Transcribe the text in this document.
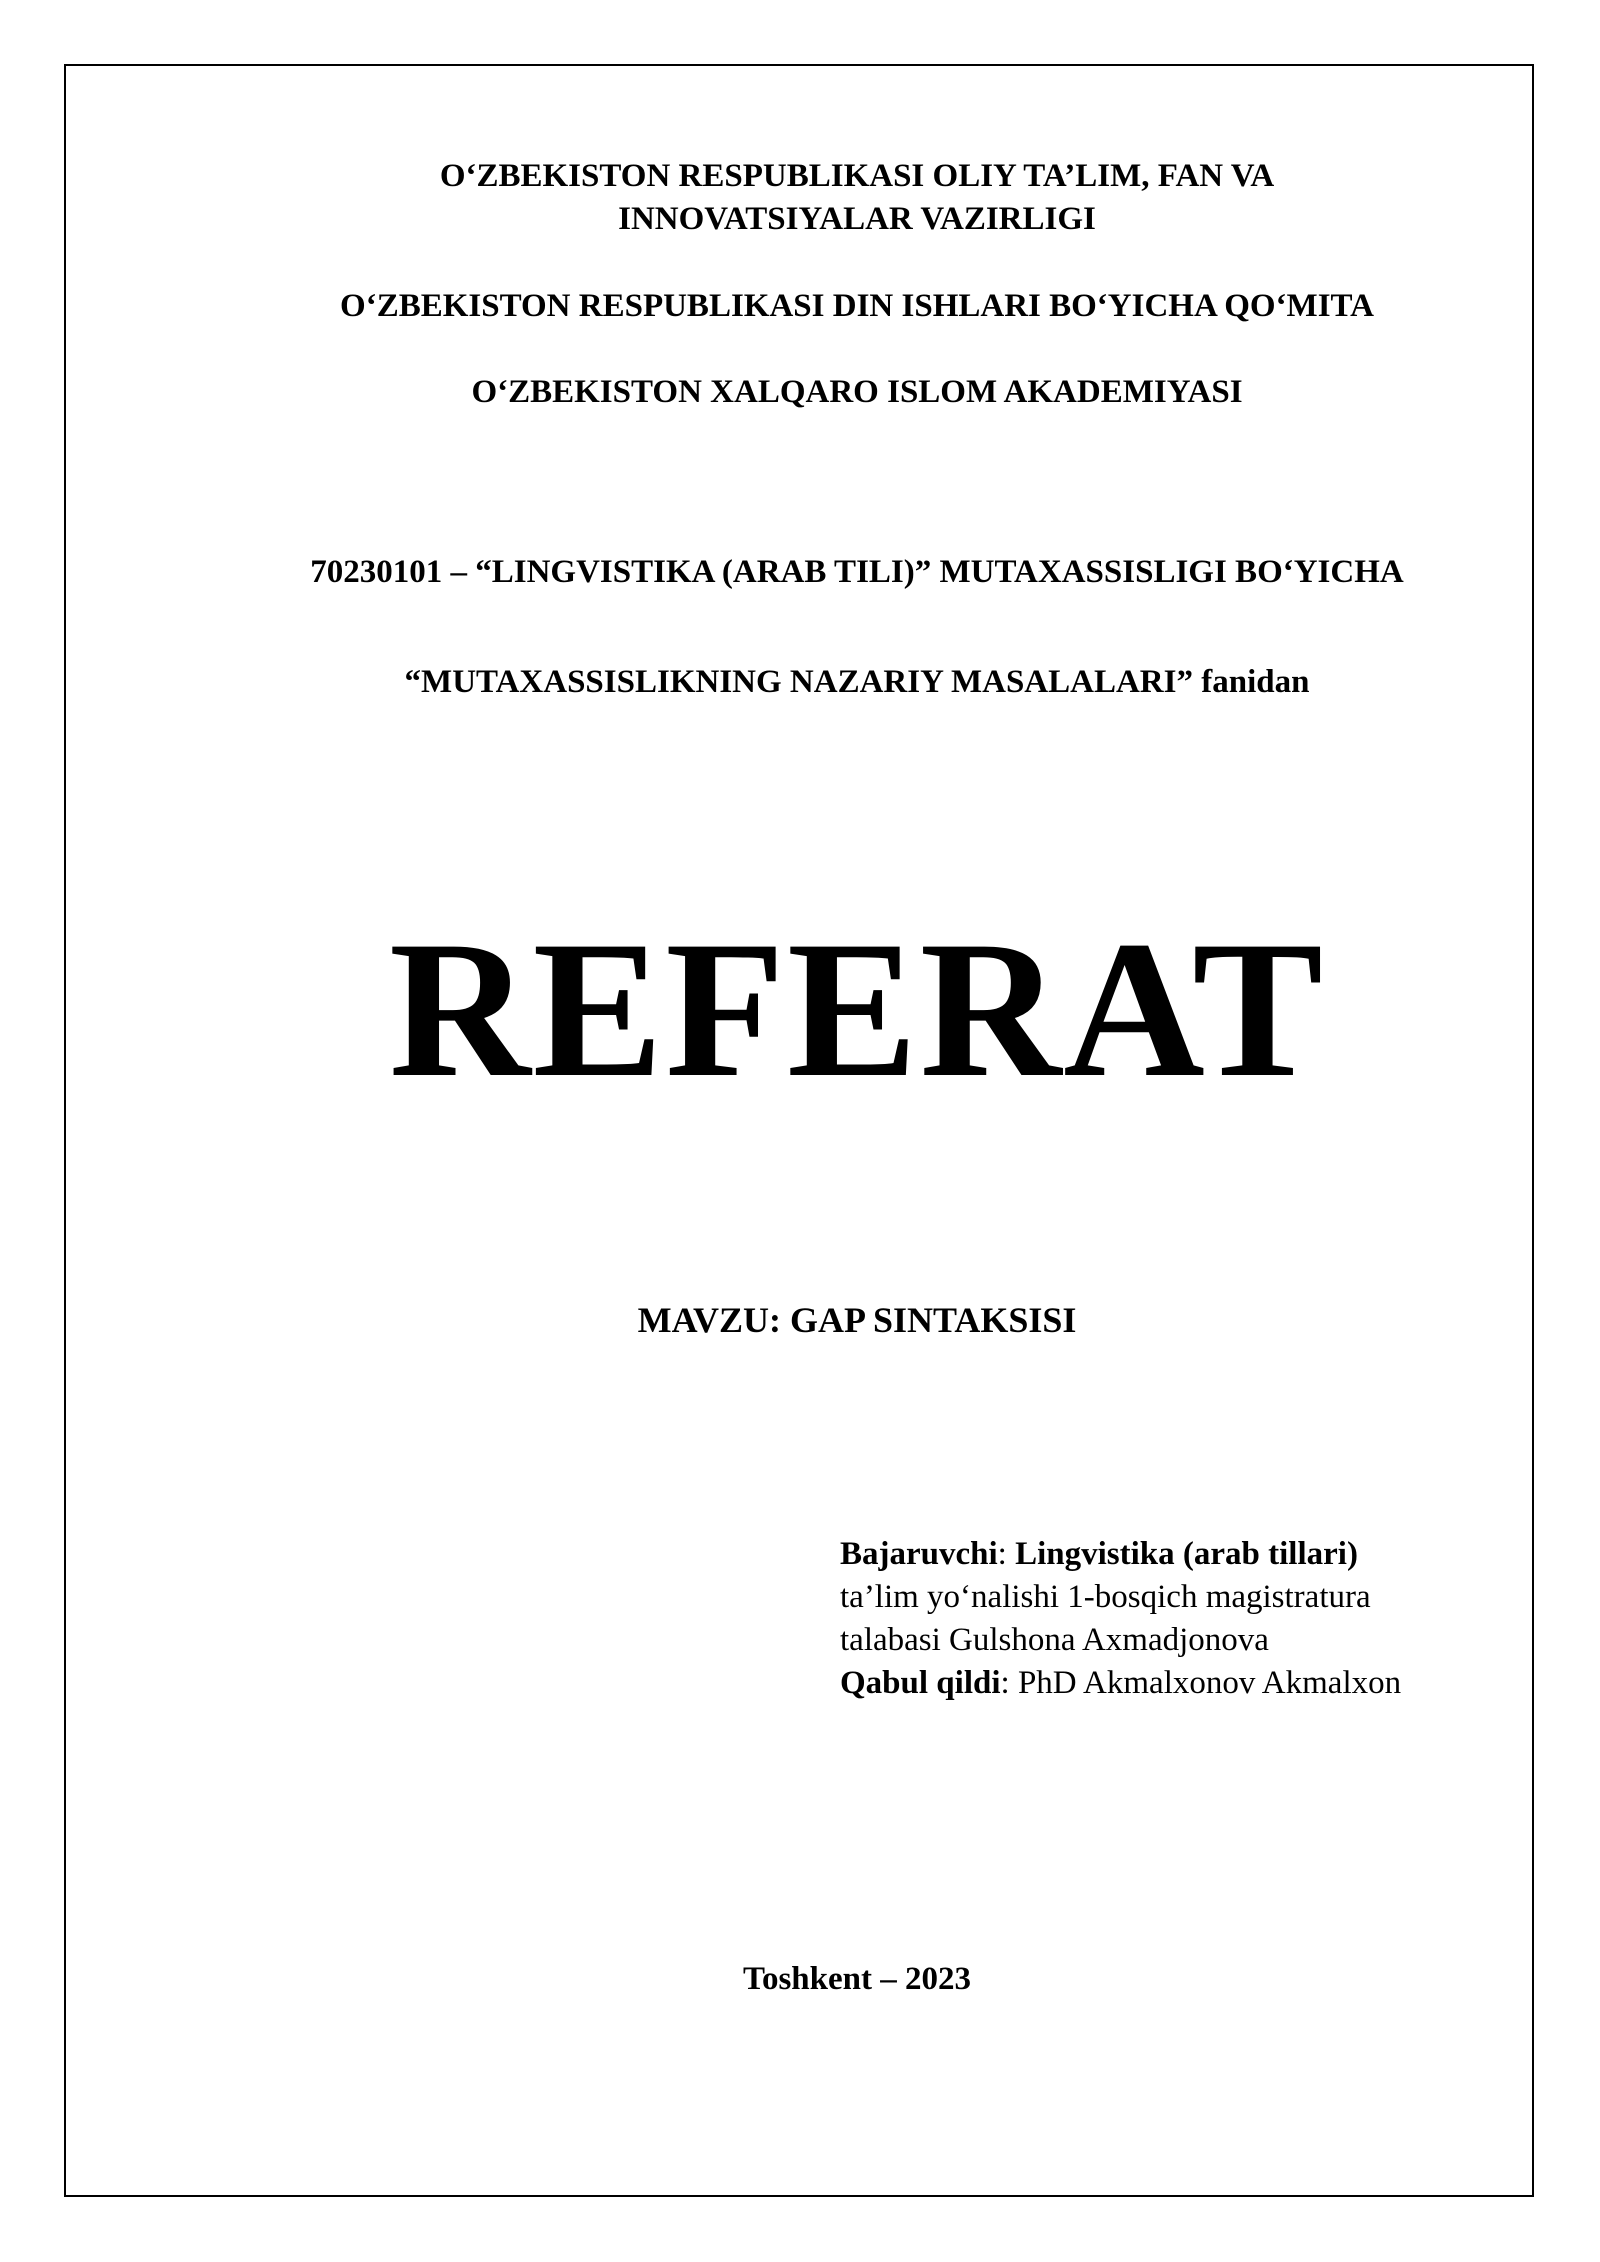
O‘ZBEKISTON RESPUBLIKASI OLIY TA’LIM, FAN VA
INNOVATSIYALAR VAZIRLIGI
O‘ZBEKISTON RESPUBLIKASI DIN ISHLARI BO‘YICHA QO‘MITA
O‘ZBEKISTON XALQARO ISLOM AKADEMIYASI
70230101 – “LINGVISTIKA (ARAB TILI)” MUTAXASSISLIGI BO‘YICHA
“MUTAXASSISLIKNING NAZARIY MASALALARI” fanidan
REFERAT
MAVZU: GAP SINTAKSISI
Bajaruvchi: Lingvistika (arab tillari)
ta’lim yo‘nalishi 1-bosqich magistratura
talabasi Gulshona Axmadjonova
Qabul qildi: PhD Akmalxonov Akmalxon
Toshkent – 2023
